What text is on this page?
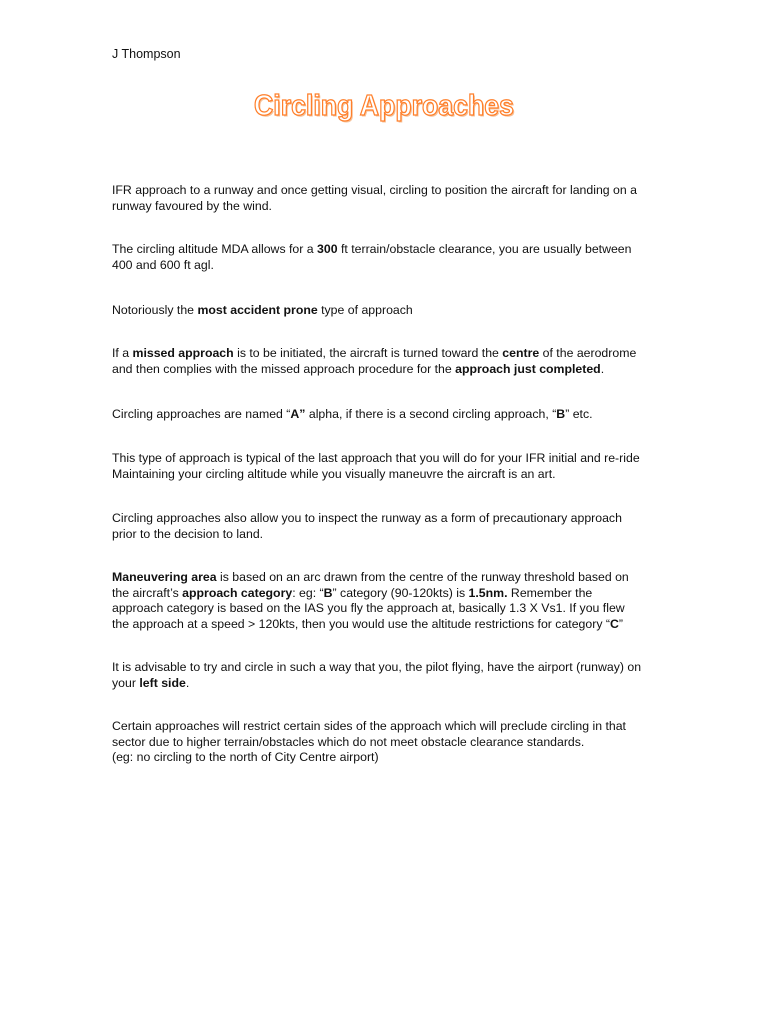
J Thompson
Circling Approaches
IFR approach to a runway and once getting visual, circling to position the aircraft for landing on a
runway favoured by the wind.
The circling altitude MDA allows for a 300 ft terrain/obstacle clearance, you are usually between
400 and 600 ft agl.
Notoriously the most accident prone type of approach
If a missed approach is to be initiated, the aircraft is turned toward the centre of the aerodrome
and then complies with the missed approach procedure for the approach just completed.
Circling approaches are named “A” alpha, if there is a second circling approach, “B” etc.
This type of approach is typical of the last approach that you will do for your IFR initial and re-ride
Maintaining your circling altitude while you visually maneuvre the aircraft is an art.
Circling approaches also allow you to inspect the runway as a form of precautionary approach
prior to the decision to land.
Maneuvering area is based on an arc drawn from the centre of the runway threshold based on
the aircraft’s approach category: eg: “B” category (90-120kts) is 1.5nm. Remember the
approach category is based on the IAS you fly the approach at, basically 1.3 X Vs1. If you flew
the approach at a speed > 120kts, then you would use the altitude restrictions for category “C”
It is advisable to try and circle in such a way that you, the pilot flying, have the airport (runway) on
your left side.
Certain approaches will restrict certain sides of the approach which will preclude circling in that
sector due to higher terrain/obstacles which do not meet obstacle clearance standards.
(eg: no circling to the north of City Centre airport)
